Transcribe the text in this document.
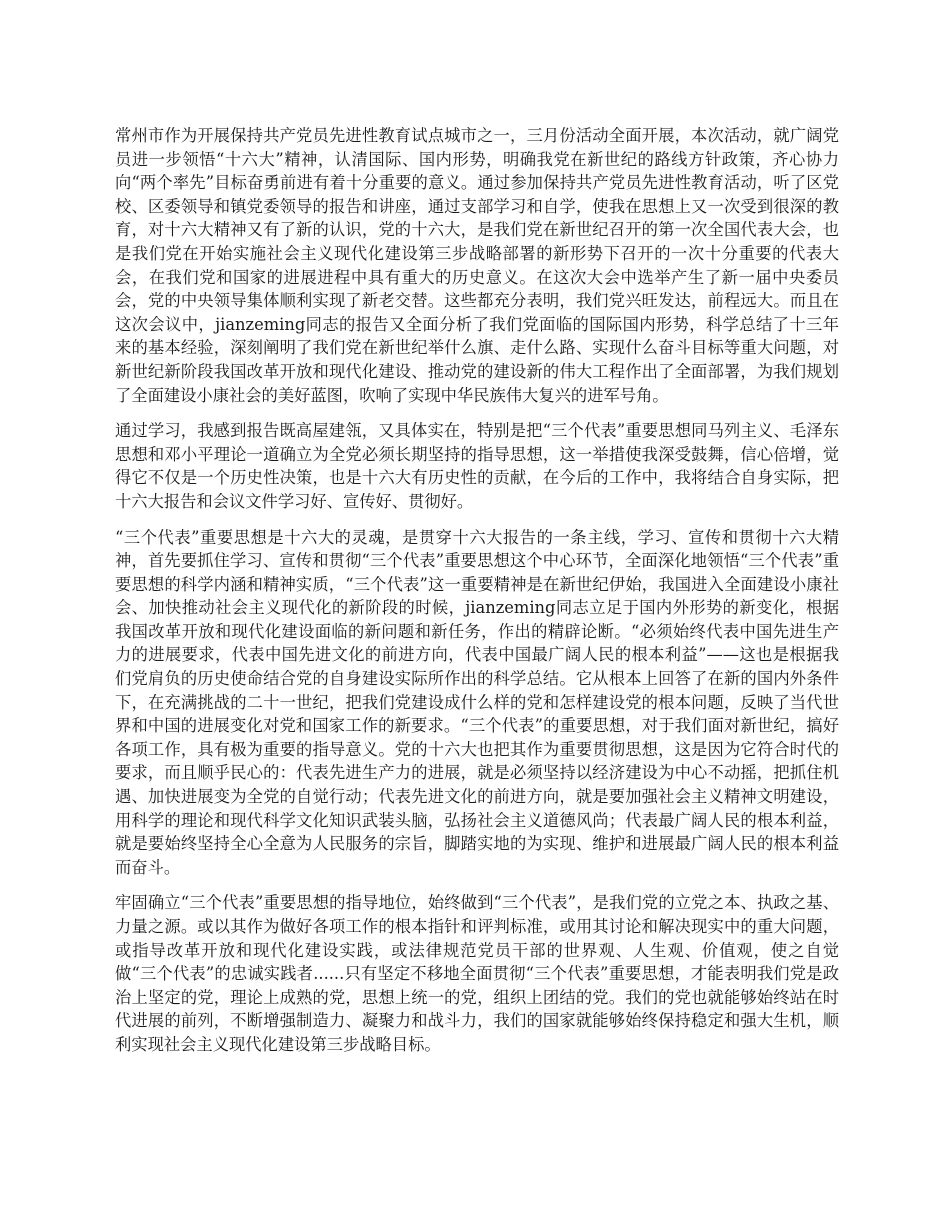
常州市作为开展保持共产党员先进性教育试点城市之一，三月份活动全面开展，本次活动，就广阔党员进一步领悟“十六大”精神，认清国际、国内形势，明确我党在新世纪的路线方针政策，齐心协力向“两个率先”目标奋勇前进有着十分重要的意义。通过参加保持共产党员先进性教育活动，听了区党校、区委领导和镇党委领导的报告和讲座，通过支部学习和自学，使我在思想上又一次受到很深的教育，对十六大精神又有了新的认识，党的十六大，是我们党在新世纪召开的第一次全国代表大会，也是我们党在开始实施社会主义现代化建设第三步战略部署的新形势下召开的一次十分重要的代表大会，在我们党和国家的进展进程中具有重大的历史意义。在这次大会中选举产生了新一届中央委员会，党的中央领导集体顺利实现了新老交替。这些都充分表明，我们党兴旺发达，前程远大。而且在这次会议中，jianzeming同志的报告又全面分析了我们党面临的国际国内形势，科学总结了十三年来的基本经验，深刻阐明了我们党在新世纪举什么旗、走什么路、实现什么奋斗目标等重大问题，对新世纪新阶段我国改革开放和现代化建设、推动党的建设新的伟大工程作出了全面部署，为我们规划了全面建设小康社会的美好蓝图，吹响了实现中华民族伟大复兴的进军号角。

通过学习，我感到报告既高屋建瓴，又具体实在，特别是把“三个代表”重要思想同马列主义、毛泽东思想和邓小平理论一道确立为全党必须长期坚持的指导思想，这一举措使我深受鼓舞，信心倍增，觉得它不仅是一个历史性决策，也是十六大有历史性的贡献，在今后的工作中，我将结合自身实际，把十六大报告和会议文件学习好、宣传好、贯彻好。

“三个代表”重要思想是十六大的灵魂，是贯穿十六大报告的一条主线，学习、宣传和贯彻十六大精神，首先要抓住学习、宣传和贯彻“三个代表”重要思想这个中心环节，全面深化地领悟“三个代表”重要思想的科学内涵和精神实质，“三个代表”这一重要精神是在新世纪伊始，我国进入全面建设小康社会、加快推动社会主义现代化的新阶段的时候，jianzeming同志立足于国内外形势的新变化，根据我国改革开放和现代化建设面临的新问题和新任务，作出的精辟论断。“必须始终代表中国先进生产力的进展要求，代表中国先进文化的前进方向，代表中国最广阔人民的根本利益”——这也是根据我们党肩负的历史使命结合党的自身建设实际所作出的科学总结。它从根本上回答了在新的国内外条件下，在充满挑战的二十一世纪，把我们党建设成什么样的党和怎样建设党的根本问题，反映了当代世界和中国的进展变化对党和国家工作的新要求。“三个代表”的重要思想，对于我们面对新世纪，搞好各项工作，具有极为重要的指导意义。党的十六大也把其作为重要贯彻思想，这是因为它符合时代的要求，而且顺乎民心的：代表先进生产力的进展，就是必须坚持以经济建设为中心不动摇，把抓住机遇、加快进展变为全党的自觉行动；代表先进文化的前进方向，就是要加强社会主义精神文明建设，用科学的理论和现代科学文化知识武装头脑，弘扬社会主义道德风尚；代表最广阔人民的根本利益，就是要始终坚持全心全意为人民服务的宗旨，脚踏实地的为实现、维护和进展最广阔人民的根本利益而奋斗。

牢固确立“三个代表”重要思想的指导地位，始终做到“三个代表”，是我们党的立党之本、执政之基、力量之源。或以其作为做好各项工作的根本指针和评判标准，或用其讨论和解决现实中的重大问题，或指导改革开放和现代化建设实践，或法律规范党员干部的世界观、人生观、价值观，使之自觉做“三个代表”的忠诚实践者......只有坚定不移地全面贯彻“三个代表”重要思想，才能表明我们党是政治上坚定的党，理论上成熟的党，思想上统一的党，组织上团结的党。我们的党也就能够始终站在时代进展的前列，不断增强制造力、凝聚力和战斗力，我们的国家就能够始终保持稳定和强大生机，顺利实现社会主义现代化建设第三步战略目标。
